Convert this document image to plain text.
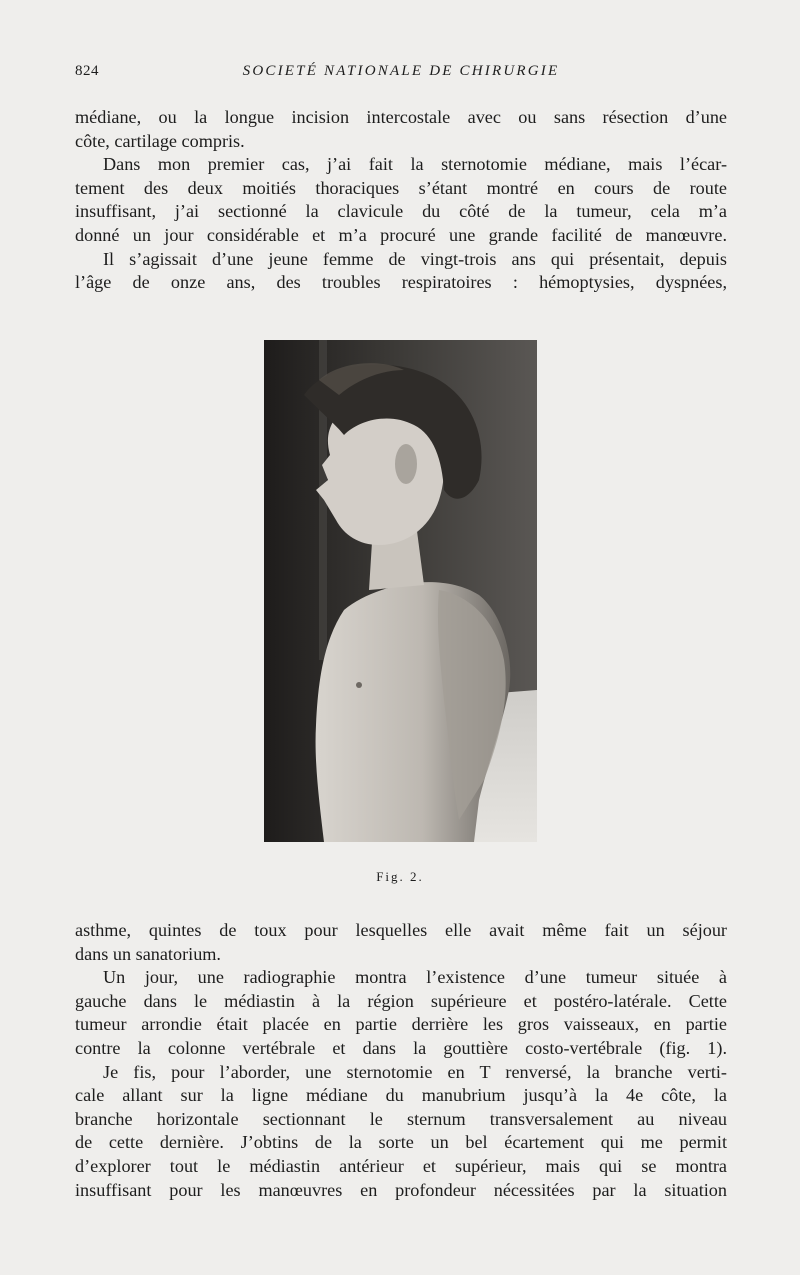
824	SOCIETÉ NATIONALE DE CHIRURGIE

médiane, ou la longue incision intercostale avec ou sans résection d’une

côte, cartilage compris.

Dans mon premier cas, j’ai fait la sternotomie médiane, mais l’écar-

tement des deux moitiés thoraciques s’étant montré en cours de route

insuffisant, j’ai sectionné la clavicule du côté de la tumeur, cela m’a

donné un jour considérable et m’a procuré une grande facilité de manœuvre.

Il s’agissait d’une jeune femme de vingt-trois ans qui présentait, depuis

l’âge de onze ans, des troubles respiratoires : hémoptysies, dyspnées,

Fig. 2.

asthme, quintes de toux pour lesquelles elle avait même fait un séjour

dans un sanatorium.

Un jour, une radiographie montra l’existence d’une tumeur située à

gauche dans le médiastin à la région supérieure et postéro-latérale. Cette

tumeur arrondie était placée en partie derrière les gros vaisseaux, en partie

contre la colonne vertébrale et dans la gouttière costo-vertébrale (fig. 1).

Je fis, pour l’aborder, une sternotomie en T renversé, la branche verti-

cale allant sur la ligne médiane du manubrium jusqu’à la 4e côte, la

branche horizontale sectionnant le sternum transversalement au niveau

de cette dernière. J’obtins de la sorte un bel écartement qui me permit

d’explorer tout le médiastin antérieur et supérieur, mais qui se montra

insuffisant pour les manœuvres en profondeur nécessitées par la situation
